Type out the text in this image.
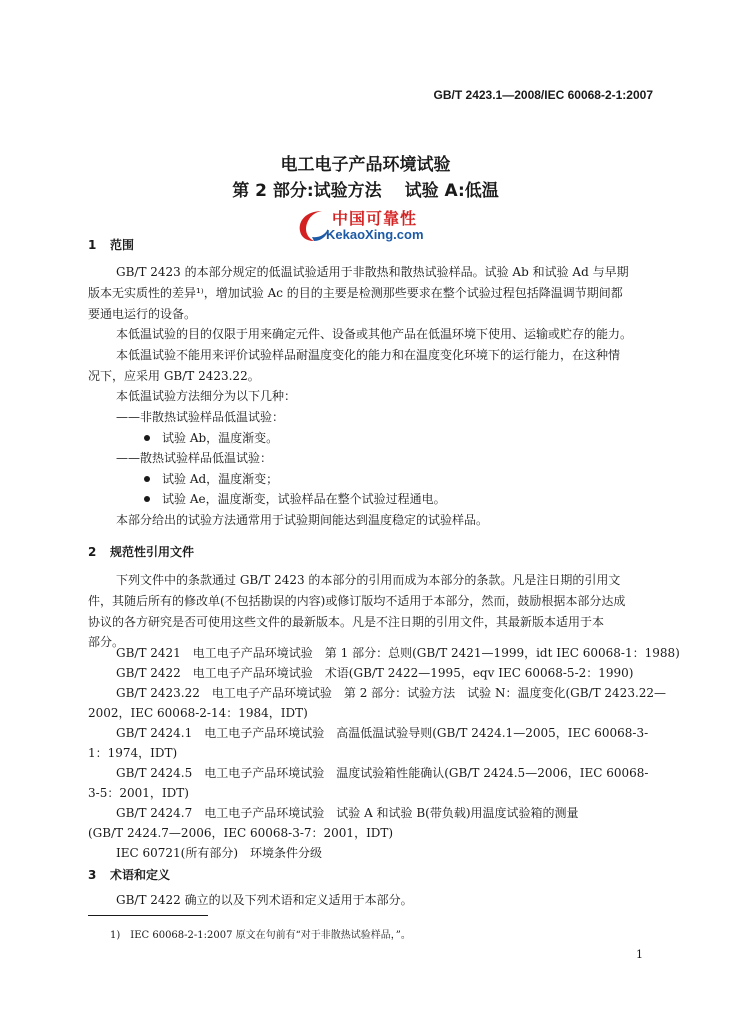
GB/T 2423.1—2008/IEC 60068-2-1:2007
电工电子产品环境试验
第 2 部分:试验方法　 试验 A:低温
中国可靠性
KekaoXing.com
1 范围
GB/T 2423 的本部分规定的低温试验适用于非散热和散热试验样品。试验 Ab 和试验 Ad 与早期
版本无实质性的差异¹⁾，增加试验 Ac 的目的主要是检测那些要求在整个试验过程包括降温调节期间都
要通电运行的设备。
本低温试验的目的仅限于用来确定元件、设备或其他产品在低温环境下使用、运输或贮存的能力。
本低温试验不能用来评价试验样品耐温度变化的能力和在温度变化环境下的运行能力，在这种情
况下，应采用 GB/T 2423.22。
本低温试验方法细分为以下几种：
——非散热试验样品低温试验：
试验 Ab，温度渐变。
——散热试验样品低温试验：
试验 Ad，温度渐变；
试验 Ae，温度渐变，试验样品在整个试验过程通电。
本部分给出的试验方法通常用于试验期间能达到温度稳定的试验样品。
2 规范性引用文件
下列文件中的条款通过 GB/T 2423 的本部分的引用而成为本部分的条款。凡是注日期的引用文
件，其随后所有的修改单(不包括勘误的内容)或修订版均不适用于本部分，然而，鼓励根据本部分达成
协议的各方研究是否可使用这些文件的最新版本。凡是不注日期的引用文件，其最新版本适用于本
部分。
GB/T 2421　电工电子产品环境试验　第 1 部分：总则(GB/T 2421—1999，idt IEC 60068-1：1988)
GB/T 2422　电工电子产品环境试验　术语(GB/T 2422—1995，eqv IEC 60068-5-2：1990)
GB/T 2423.22　电工电子产品环境试验　第 2 部分：试验方法　试验 N：温度变化(GB/T 2423.22—
2002，IEC 60068-2-14：1984，IDT)
GB/T 2424.1　电工电子产品环境试验　高温低温试验导则(GB/T 2424.1—2005，IEC 60068-3-
1：1974，IDT)
GB/T 2424.5　电工电子产品环境试验　温度试验箱性能确认(GB/T 2424.5—2006，IEC 60068-
3-5：2001，IDT)
GB/T 2424.7　电工电子产品环境试验　试验 A 和试验 B(带负载)用温度试验箱的测量
(GB/T 2424.7—2006，IEC 60068-3-7：2001，IDT)
IEC 60721(所有部分)　环境条件分级
3 术语和定义
1)　IEC 60068-2-1:2007 原文在句前有“对于非散热试验样品，”。
1
GB/T 2422 确立的以及下列术语和定义适用于本部分。
